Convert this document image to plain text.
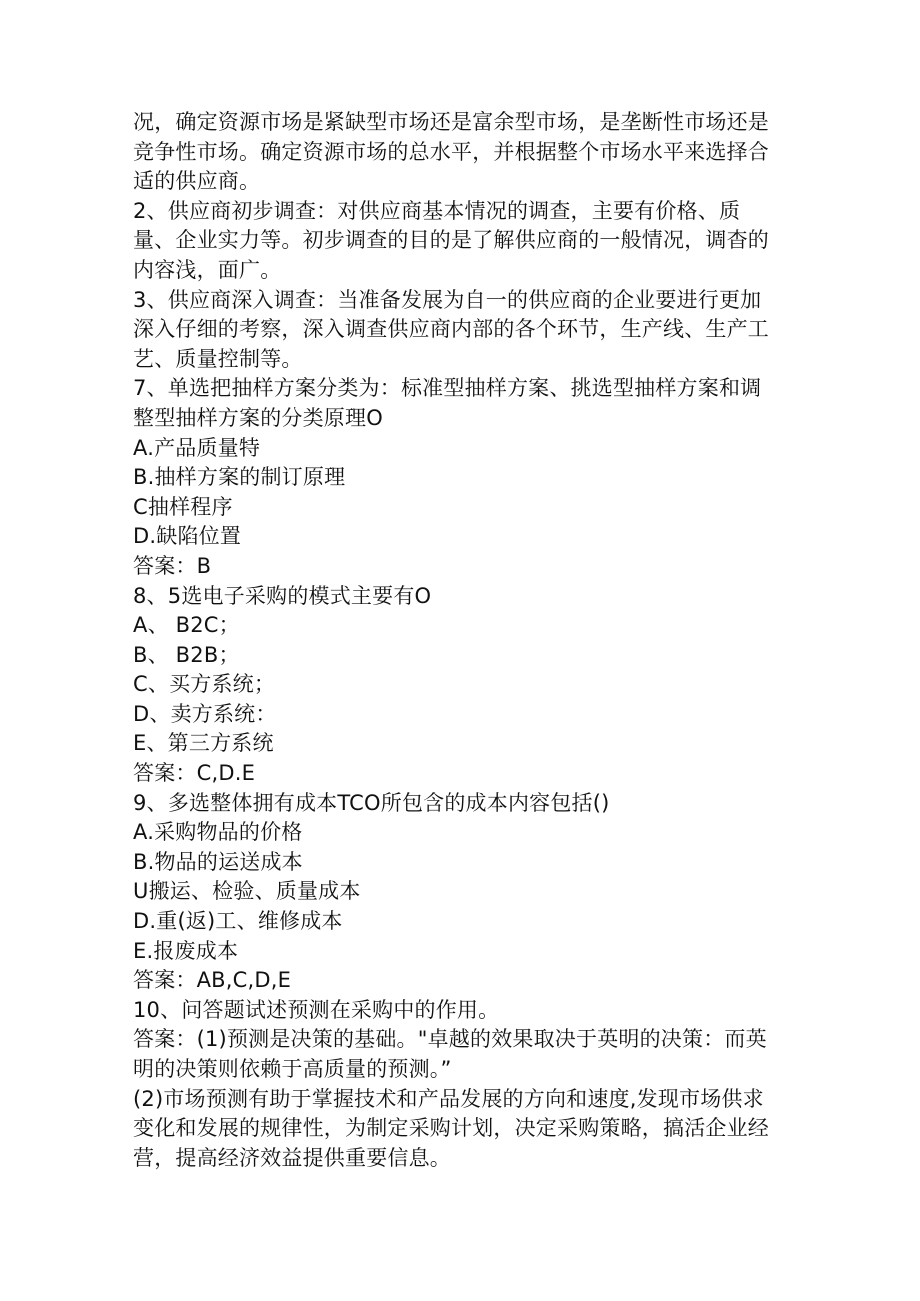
况，确定资源市场是紧缺型市场还是富余型市场，是垄断性市场还是
竞争性市场。确定资源市场的总水平，并根据整个市场水平来选择合
适的供应商。
2、供应商初步调查：对供应商基本情况的调查，主要有价格、质
量、企业实力等。初步调查的目的是了解供应商的一般情况，调杳的
内容浅，面广。
3、供应商深入调查：当准备发展为自一的供应商的企业要进行更加
深入仔细的考察，深入调查供应商内部的各个环节，生产线、生产工
艺、质量控制等。
7、单选把抽样方案分类为：标准型抽样方案、挑选型抽样方案和调
整型抽样方案的分类原理O
A.产品质量特
B.抽样方案的制订原理
C抽样程序
D.缺陷位置
答案：B
8、5选电子采购的模式主要有O
A、 B2C；
B、 B2B；
C、买方系统；
D、卖方系统：
E、第三方系统
答案：C,D.E
9、多选整体拥有成本TCO所包含的成本内容包括()
A.采购物品的价格
B.物品的运送成本
U搬运、检验、质量成本
D.重(返)工、维修成本
E.报废成本
答案：AB,C,D,E
10、问答题试述预测在采购中的作用。
答案：(1)预测是决策的基础。"卓越的效果取决于英明的决策：而英
明的决策则依赖于高质量的预测。”
(2)市场预测有助于掌握技术和产品发展的方向和速度,发现市场供求
变化和发展的规律性，为制定采购计划，决定采购策略，搞活企业经
营，提高经济效益提供重要信息。
